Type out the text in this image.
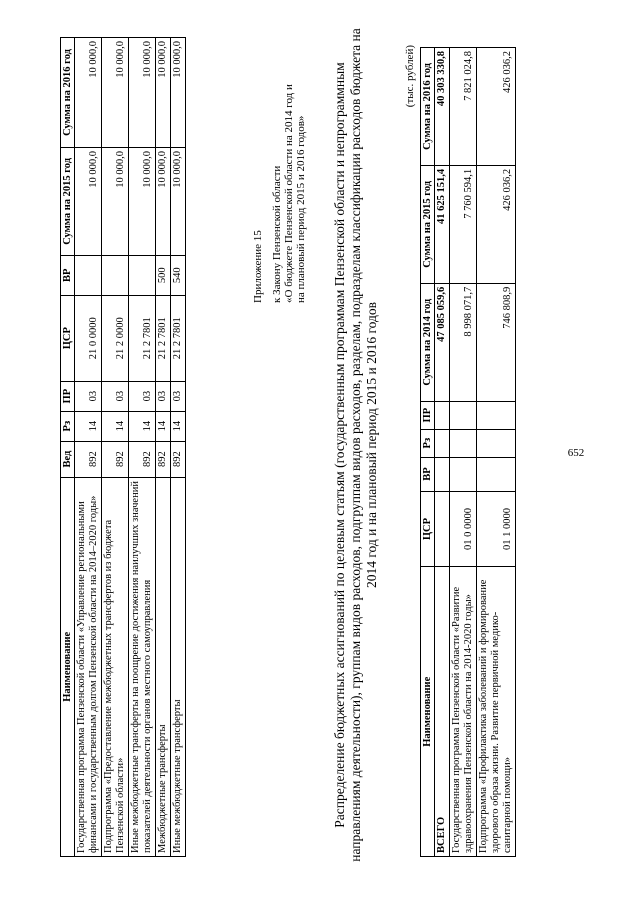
652
Наименование	Вед	Рз	ПР	ЦСР	ВР	Сумма на 2015 год	Сумма на 2016 год
Государственная программа Пензенской области «Управление региональными финансами и государственным долгом Пензенской области на 2014–2020 годы»	892	14	03	21 0 0000		10 000,0	10 000,0
Подпрограмма «Предоставление межбюджетных трансфертов из бюджета Пензенской области»	892	14	03	21 2 0000		10 000,0	10 000,0
Иные межбюджетные трансферты на поощрение достижения наилучших значений показателей деятельности органов местного самоуправления	892	14	03	21 2 7801		10 000,0	10 000,0
Межбюджетные трансферты	892	14	03	21 2 7801	500	10 000,0	10 000,0
Иные межбюджетные трансферты	892	14	03	21 2 7801	540	10 000,0	10 000,0
Приложение 15 к Закону Пензенской области «О бюджете Пензенской области на 2014 год и на плановый период 2015 и 2016 годов» Распределение бюджетных ассигнований по целевым статьям (государственным программам Пензенской области и непрограммным направлениям деятельности), группам видов расходов, подгруппам видов расходов, разделам, подразделам классификации расходов бюджета на 2014 год и на плановый период 2015 и 2016 годов
(тыс. рублей)
Наименование	ЦСР	ВР	Рз	ПР	Сумма на 2014 год	Сумма на 2015 год	Сумма на 2016 год
ВСЕГО					47 085 059,6	41 625 151,4	40 303 330,8
Государственная программа Пензенской области «Развитие здравоохранения Пензенской области на 2014-2020 годы»	01 0 0000				8 998 071,7	7 760 594,1	7 821 024,8
Подпрограмма «Профилактика заболеваний и формирование здорового образа жизни. Развитие первичной медико-санитарной помощи»	01 1 0000				746 808,9	426 036,2	426 036,2
